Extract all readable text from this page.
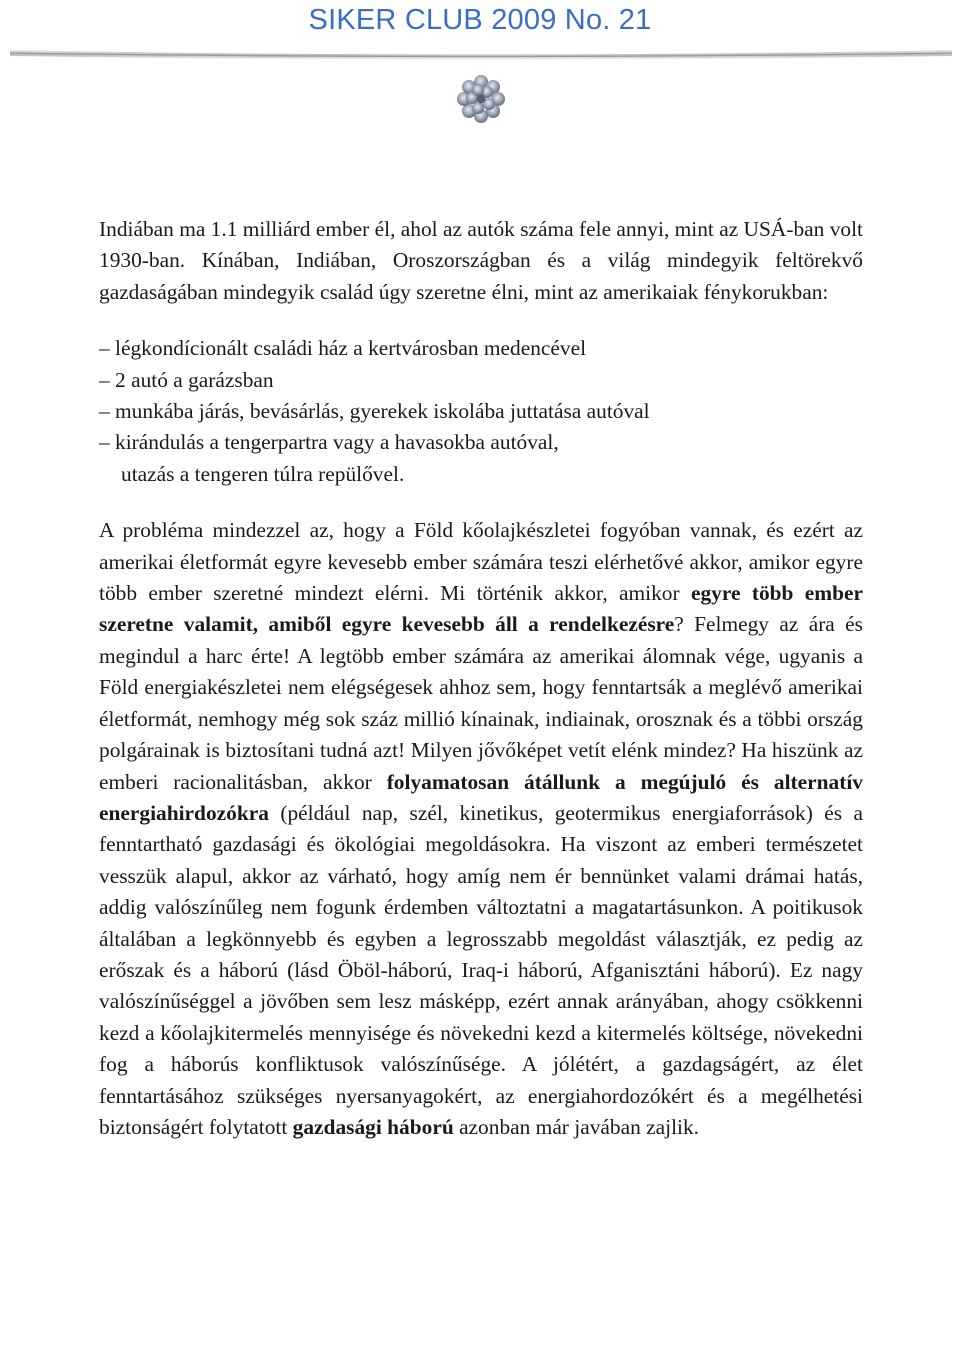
SIKER CLUB 2009 No. 21

Indiában ma 1.1 milliárd ember él, ahol az autók száma fele annyi, mint az USÁ-ban volt 1930-ban. Kínában, Indiában, Oroszországban és a világ mindegyik feltörekvő gazdaságában mindegyik család úgy szeretne élni, mint az amerikaiak fénykorukban:

– légkondícionált családi ház a kertvárosban medencével
– 2 autó a garázsban
– munkába járás, bevásárlás, gyerekek iskolába juttatása autóval
– kirándulás a tengerpartra vagy a havasokba autóval,
utazás a tengeren túlra repülővel.

A probléma mindezzel az, hogy a Föld kőolajkészletei fogyóban vannak, és ezért az amerikai életformát egyre kevesebb ember számára teszi elérhetővé akkor, amikor egyre több ember szeretné mindezt elérni. Mi történik akkor, amikor egyre több ember szeretne valamit, amiből egyre kevesebb áll a rendelkezésre? Felmegy az ára és megindul a harc érte! A legtöbb ember számára az amerikai álomnak vége, ugyanis a Föld energiakészletei nem elégségesek ahhoz sem, hogy fenntartsák a meglévő amerikai életformát, nemhogy még sok száz millió kínainak, indiainak, orosznak és a többi ország polgárainak is biztosítani tudná azt! Milyen jővőképet vetít elénk mindez? Ha hiszünk az emberi racionalitásban, akkor folyamatosan átállunk a megújuló és alternatív energiahirdozókra (például nap, szél, kinetikus, geotermikus energiaforrások) és a fenntartható gazdasági és ökológiai megoldásokra. Ha viszont az emberi természetet vesszük alapul, akkor az várható, hogy amíg nem ér bennünket valami drámai hatás, addig valószínűleg nem fogunk érdemben változtatni a magatartásunkon. A poitikusok általában a legkönnyebb és egyben a legrosszabb megoldást választják, ez pedig az erőszak és a háború (lásd Öböl-háború, Iraq-i háború, Afganisztáni háború). Ez nagy valószínűséggel a jövőben sem lesz másképp, ezért annak arányában, ahogy csökkenni kezd a kőolajkitermelés mennyisége és növekedni kezd a kitermelés költsége, növekedni fog a háborús konfliktusok valószínűsége. A jólétért, a gazdagságért, az élet fenntartásához szükséges nyersanyagokért, az energiahordozókért és a megélhetési biztonságért folytatott gazdasági háború azonban már javában zajlik.
